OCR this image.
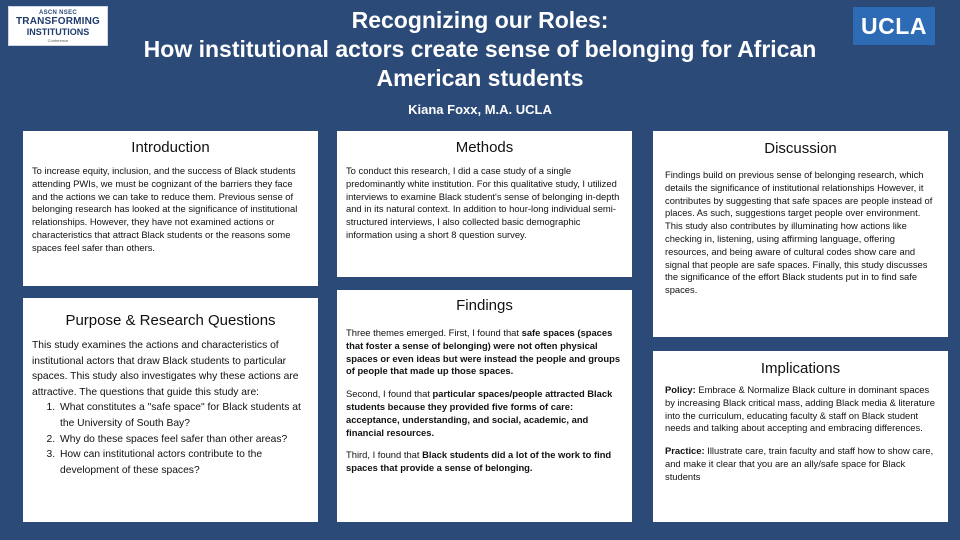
ASCN NSEC
TRANSFORMING
INSTITUTIONS
Conference
UCLA
Recognizing our Roles:
How institutional actors create sense of belonging for African
American students
Kiana Foxx, M.A. UCLA
Introduction

To increase equity, inclusion, and the success of Black students attending PWIs, we must be cognizant of the barriers they face and the actions we can take to reduce them. Previous sense of belonging research has looked at the significance of institutional relationships. However, they have not examined actions or characteristics that attract Black students or the reasons some spaces feel safer than others.

Purpose & Research Questions

This study examines the actions and characteristics of institutional actors that draw Black students to particular spaces. This study also investigates why these actions are attractive. The questions that guide this study are:

1. What constitutes a "safe space" for Black students at the University of South Bay?
2. Why do these spaces feel safer than other areas?
3. How can institutional actors contribute to the development of these spaces?
Methods

To conduct this research, I did a case study of a single predominantly white institution. For this qualitative study, I utilized interviews to examine Black student's sense of belonging in-depth and in its natural context. In addition to hour-long individual semi-structured interviews, I also collected basic demographic information using a short 8 question survey.

Findings

Three themes emerged. First, I found that safe spaces (spaces that foster a sense of belonging) were not often physical spaces or even ideas but were instead the people and groups of people that made up those spaces.

Second, I found that particular spaces/people attracted Black students because they provided five forms of care: acceptance, understanding, and social, academic, and financial resources.

Third, I found that Black students did a lot of the work to find spaces that provide a sense of belonging.

Discussion

Findings build on previous sense of belonging research, which details the significance of institutional relationships However, it contributes by suggesting that safe spaces are people instead of places. As such, suggestions target people over environment. This study also contributes by illuminating how actions like checking in, listening, using affirming language, offering resources, and being aware of cultural codes show care and signal that people are safe spaces. Finally, this study discusses the significance of the effort Black students put in to find safe spaces.

Implications

Policy: Embrace & Normalize Black culture in dominant spaces by increasing Black critical mass, adding Black media & literature into the curriculum, educating faculty & staff on Black student needs and talking about accepting and embracing differences.

Practice: Illustrate care, train faculty and staff how to show care, and make it clear that you are an ally/safe space for Black students
